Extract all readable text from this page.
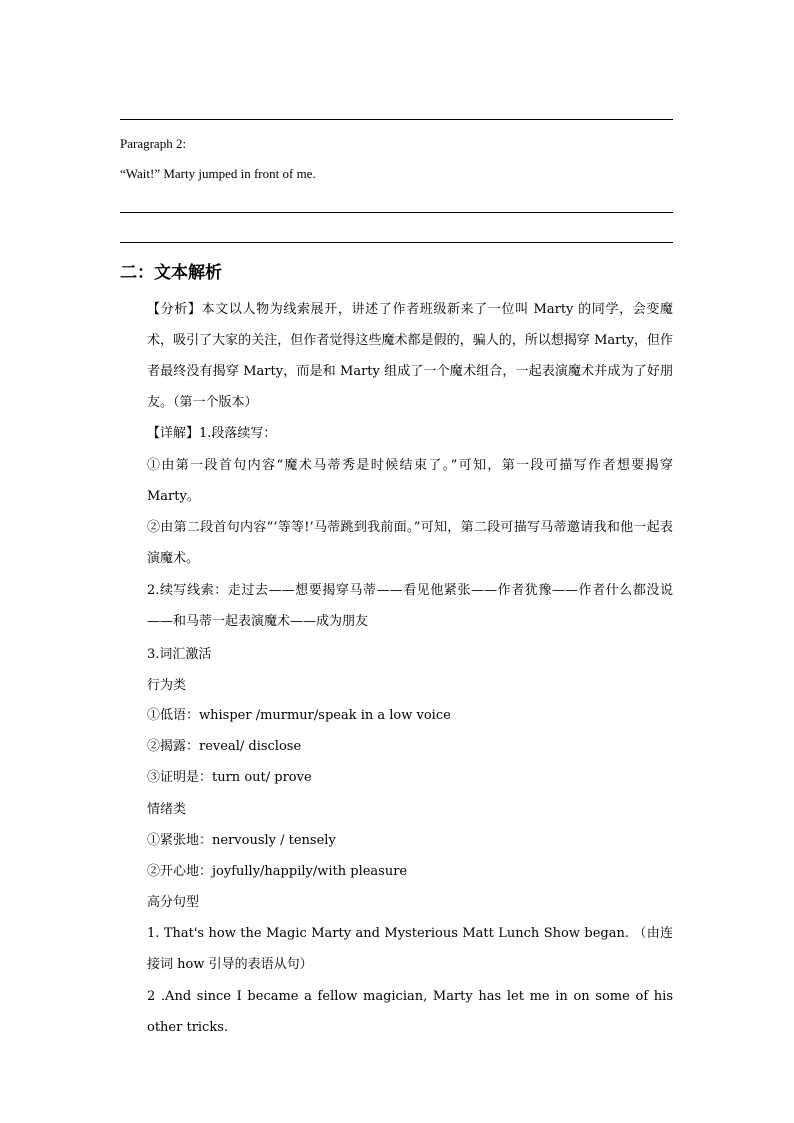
Paragraph 2:
“Wait!” Marty jumped in front of me.
二：文本解析
【分析】本文以人物为线索展开，讲述了作者班级新来了一位叫 Marty 的同学，会变魔术，吸引了大家的关注，但作者觉得这些魔术都是假的，骗人的，所以想揭穿 Marty，但作者最终没有揭穿 Marty，而是和 Marty 组成了一个魔术组合，一起表演魔术并成为了好朋友。（第一个版本）
【详解】1.段落续写：
①由第一段首句内容“魔术马蒂秀是时候结束了。”可知，第一段可描写作者想要揭穿 Marty。
②由第二段首句内容“‘等等!’马蒂跳到我前面。”可知，第二段可描写马蒂邀请我和他一起表演魔术。
2.续写线索：走过去——想要揭穿马蒂——看见他紧张——作者犹豫——作者什么都没说——和马蒂一起表演魔术——成为朋友
3.词汇激活
行为类
①低语：whisper /murmur/speak in a low voice
②揭露：reveal/ disclose
③证明是：turn out/ prove
情绪类
①紧张地：nervously / tensely
②开心地：joyfully/happily/with pleasure
高分句型
1. That's how the Magic Marty and Mysterious Matt Lunch Show began. （由连接词 how 引导的表语从句）
2 .And since I became a fellow magician, Marty has let me in on some of his other tricks.
